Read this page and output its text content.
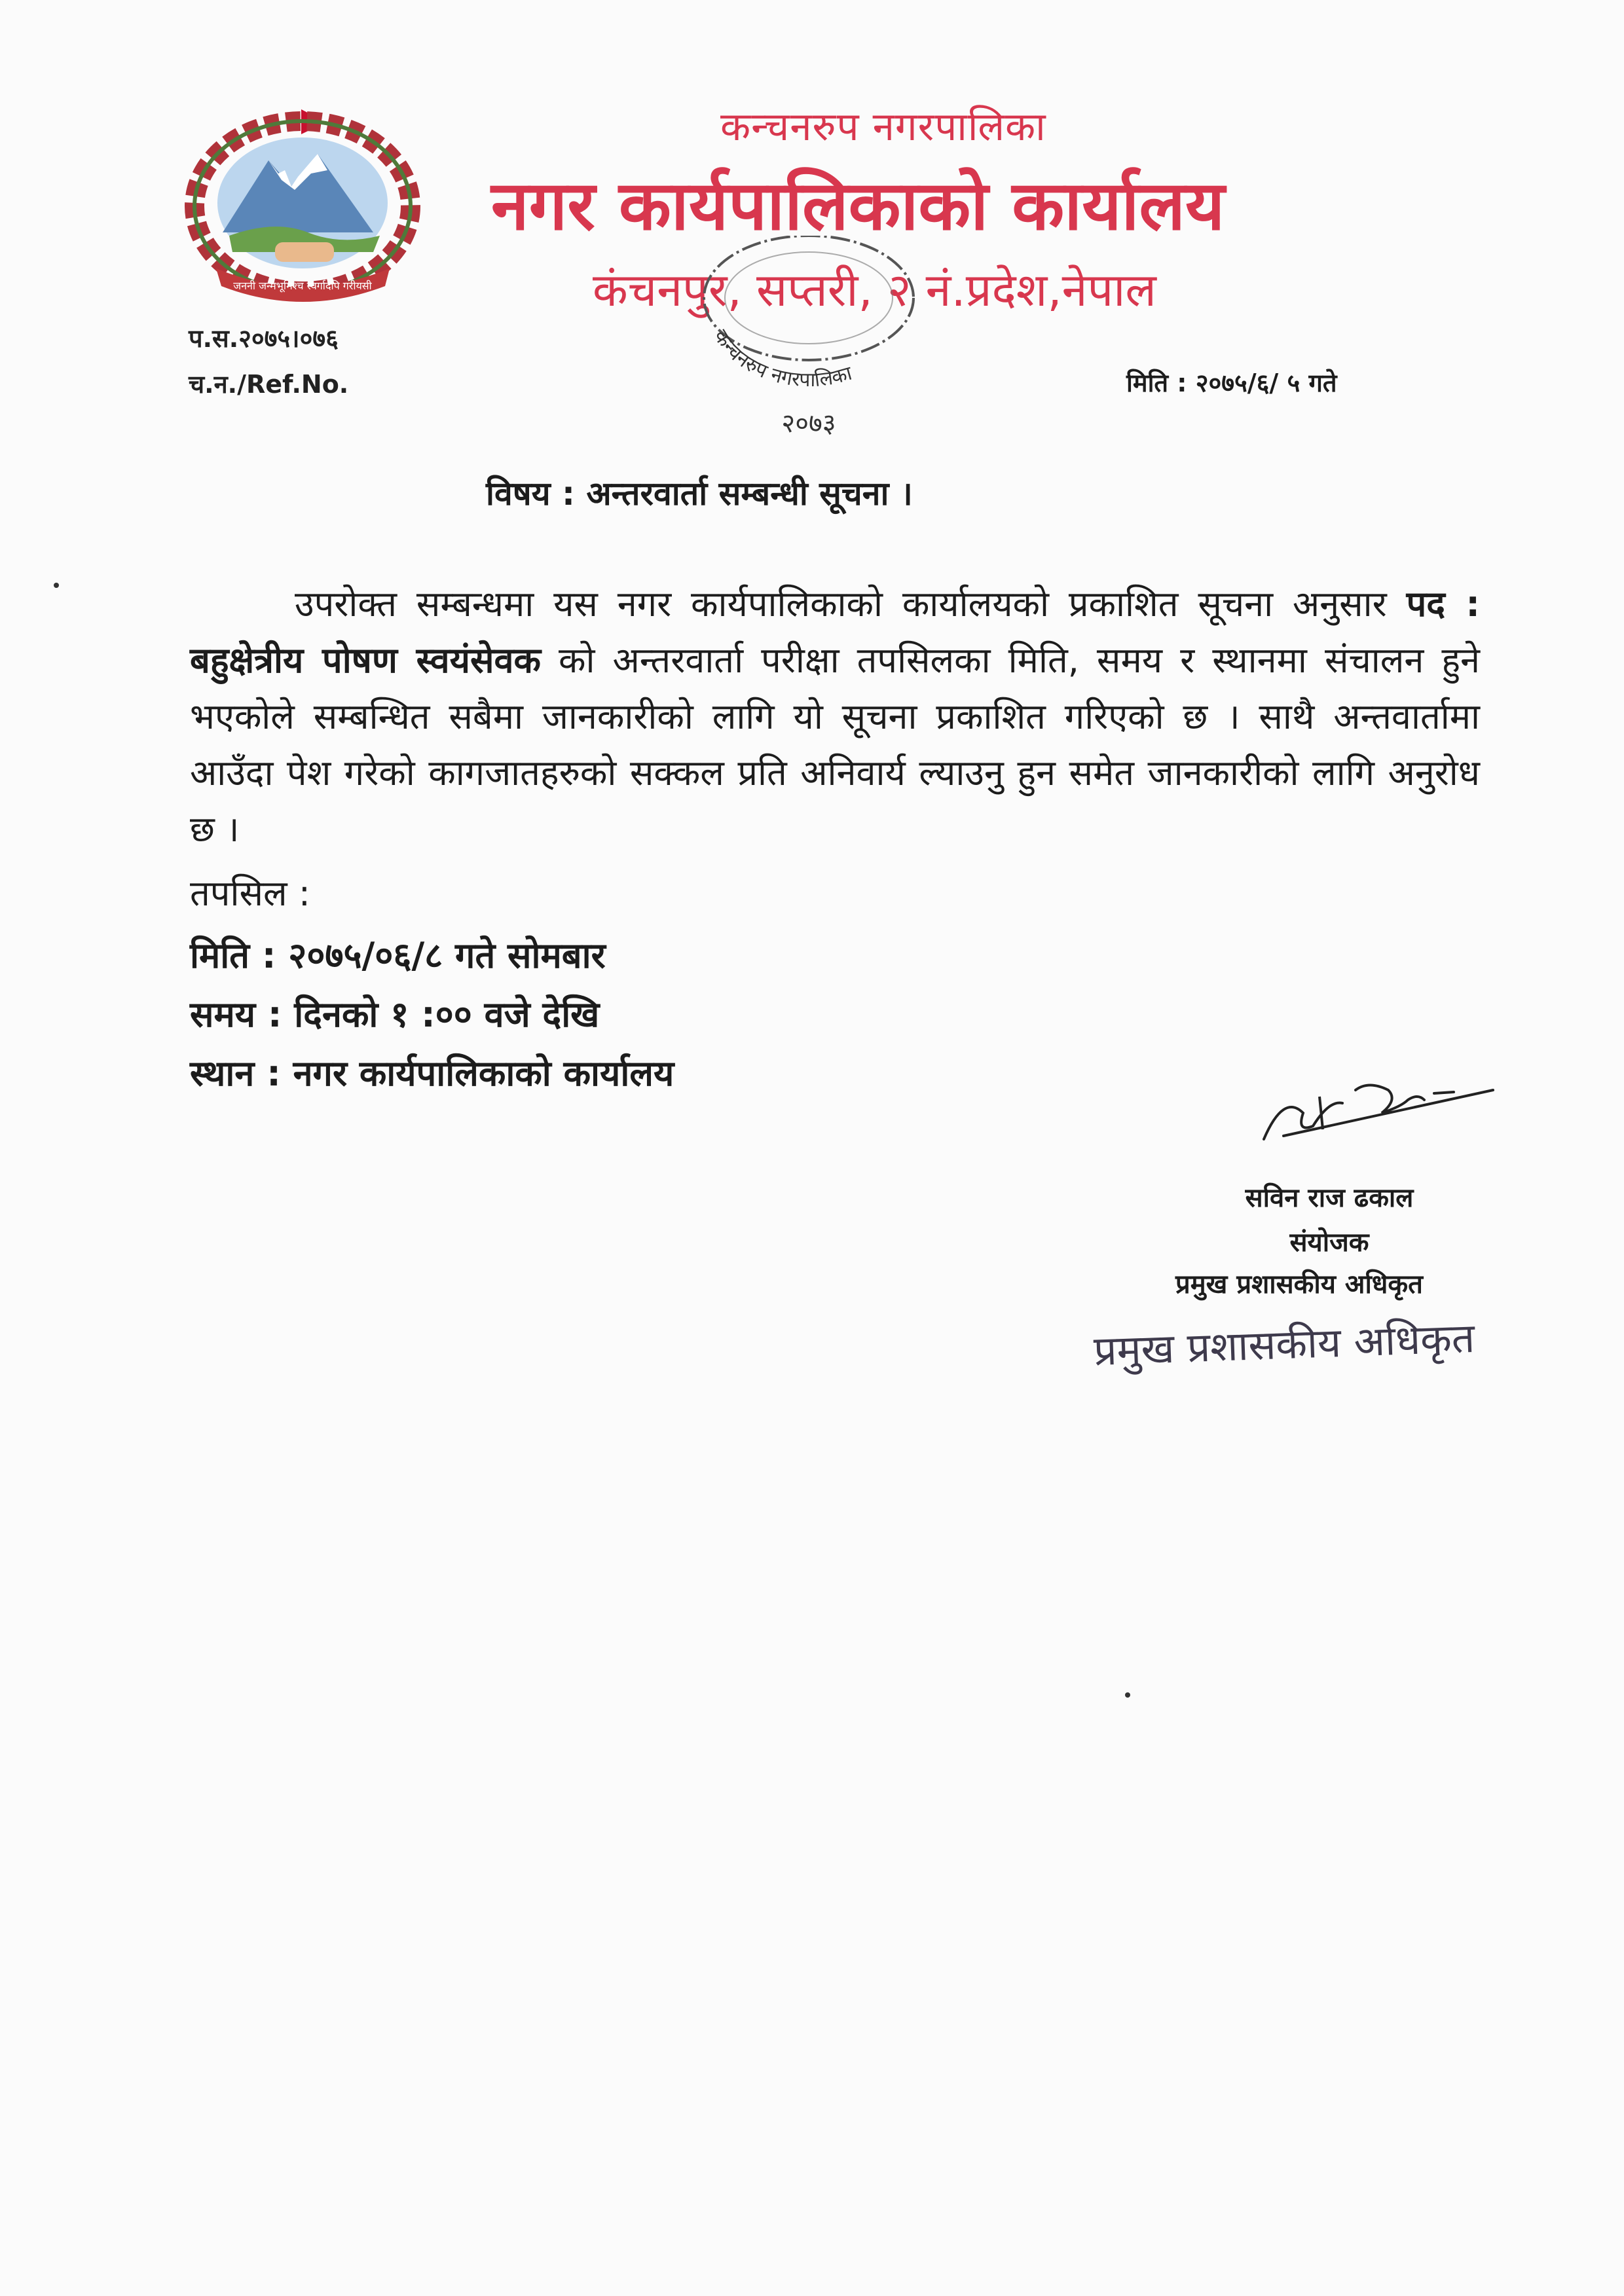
जननी जन्मभूमिश्च स्वर्गादपि गरीयसी
कन्चनरुप नगरपालिका
नगर कार्यपालिकाको कार्यालय
कंचनपुर, सप्तरी, २ नं.प्रदेश,नेपाल
प.स.२०७५।०७६
च.न./Ref.No.	मिति : २०७५/६/ ५ गते
कन्चनरुप नगरपालिका
२०७३
विषय : अन्तरवार्ता सम्बन्धी सूचना ।
उपरोक्त सम्बन्धमा यस नगर कार्यपालिकाको कार्यालयको प्रकाशित सूचना अनुसार पद : बहुक्षेत्रीय पोषण स्वयंसेवक को अन्तरवार्ता परीक्षा तपसिलका मिति, समय र स्थानमा संचालन हुने भएकोले सम्बन्धित सबैमा जानकारीको लागि यो सूचना प्रकाशित गरिएको छ । साथै अन्तवार्तामा आउँदा पेश गरेको कागजातहरुको सक्कल प्रति अनिवार्य ल्याउनु हुन समेत जानकारीको लागि अनुरोध छ ।
तपसिल :
मिति : २०७५/०६/८ गते सोमबार
समय : दिनको १ :०० वजे देखि
स्थान : नगर कार्यपालिकाको कार्यालय
सविन राज ढकाल
संयोजक
प्रमुख प्रशासकीय अधिकृत
प्रमुख प्रशासकीय अधिकृत
